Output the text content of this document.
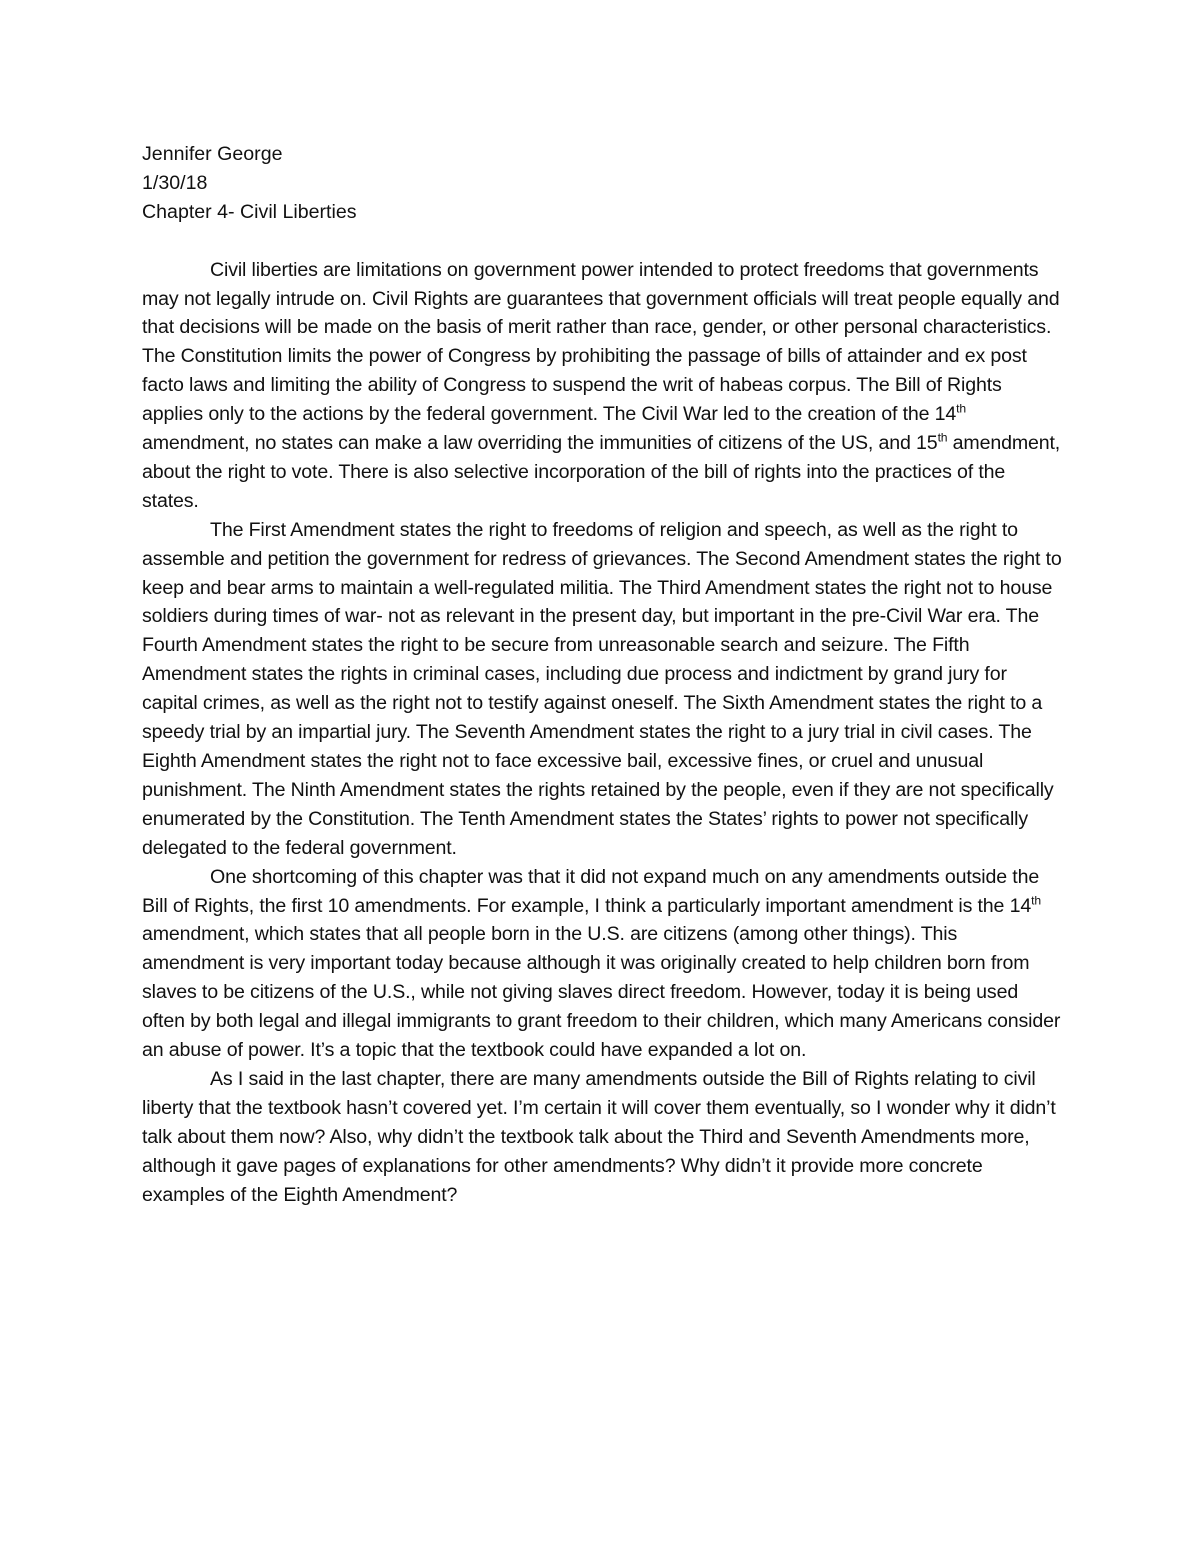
Jennifer George

1/30/18

Chapter 4- Civil Liberties

Civil liberties are limitations on government power intended to protect freedoms that governments may not legally intrude on. Civil Rights are guarantees that government officials will treat people equally and that decisions will be made on the basis of merit rather than race, gender, or other personal characteristics. The Constitution limits the power of Congress by prohibiting the passage of bills of attainder and ex post facto laws and limiting the ability of Congress to suspend the writ of habeas corpus. The Bill of Rights applies only to the actions by the federal government. The Civil War led to the creation of the 14th amendment, no states can make a law overriding the immunities of citizens of the US, and 15th amendment, about the right to vote. There is also selective incorporation of the bill of rights into the practices of the states.

The First Amendment states the right to freedoms of religion and speech, as well as the right to assemble and petition the government for redress of grievances. The Second Amendment states the right to keep and bear arms to maintain a well-regulated militia. The Third Amendment states the right not to house soldiers during times of war- not as relevant in the present day, but important in the pre-Civil War era. The Fourth Amendment states the right to be secure from unreasonable search and seizure. The Fifth Amendment states the rights in criminal cases, including due process and indictment by grand jury for capital crimes, as well as the right not to testify against oneself. The Sixth Amendment states the right to a speedy trial by an impartial jury. The Seventh Amendment states the right to a jury trial in civil cases. The Eighth Amendment states the right not to face excessive bail, excessive fines, or cruel and unusual punishment. The Ninth Amendment states the rights retained by the people, even if they are not specifically enumerated by the Constitution. The Tenth Amendment states the States’ rights to power not specifically delegated to the federal government.

One shortcoming of this chapter was that it did not expand much on any amendments outside the Bill of Rights, the first 10 amendments. For example, I think a particularly important amendment is the 14th amendment, which states that all people born in the U.S. are citizens (among other things). This amendment is very important today because although it was originally created to help children born from slaves to be citizens of the U.S., while not giving slaves direct freedom. However, today it is being used often by both legal and illegal immigrants to grant freedom to their children, which many Americans consider an abuse of power. It’s a topic that the textbook could have expanded a lot on.

As I said in the last chapter, there are many amendments outside the Bill of Rights relating to civil liberty that the textbook hasn’t covered yet. I’m certain it will cover them eventually, so I wonder why it didn’t talk about them now? Also, why didn’t the textbook talk about the Third and Seventh Amendments more, although it gave pages of explanations for other amendments? Why didn’t it provide more concrete examples of the Eighth Amendment?
